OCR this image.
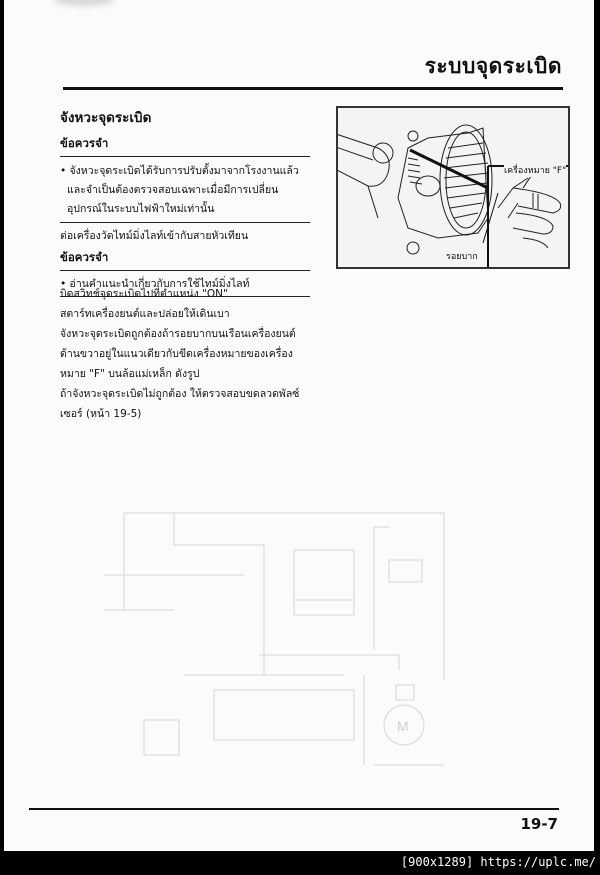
ระบบจุดระเบิด
จังหวะจุดระเบิด
ข้อควรจำ
• จังหวะจุดระเบิดได้รับการปรับตั้งมาจากโรงงานแล้ว
และจำเป็นต้องตรวจสอบเฉพาะเมื่อมีการเปลี่ยน
อุปกรณ์ในระบบไฟฟ้าใหม่เท่านั้น
ต่อเครื่องวัดไทม์มิ่งไลท์เข้ากับสายหัวเทียน
ข้อควรจำ
• อ่านคำแนะนำเกี่ยวกับการใช้ไทม์มิ่งไลท์
บิดสวิทช์จุดระเบิดไปที่ตำแหน่ง "ON"
สตาร์ทเครื่องยนต์และปล่อยให้เดินเบา
จังหวะจุดระเบิดถูกต้องถ้ารอยบากบนเรือนเครื่องยนต์
ด้านขวาอยู่ในแนวเดียวกับขีดเครื่องหมายของเครื่อง
หมาย "F" บนล้อแม่เหล็ก ดังรูป
ถ้าจังหวะจุดระเบิดไม่ถูกต้อง ให้ตรวจสอบขดลวดพัลซ์
เซอร์ (หน้า 19-5)
เครื่องหมาย "F"
รอยบาก
M
19-7
[900x1289] https://uplc.me/
